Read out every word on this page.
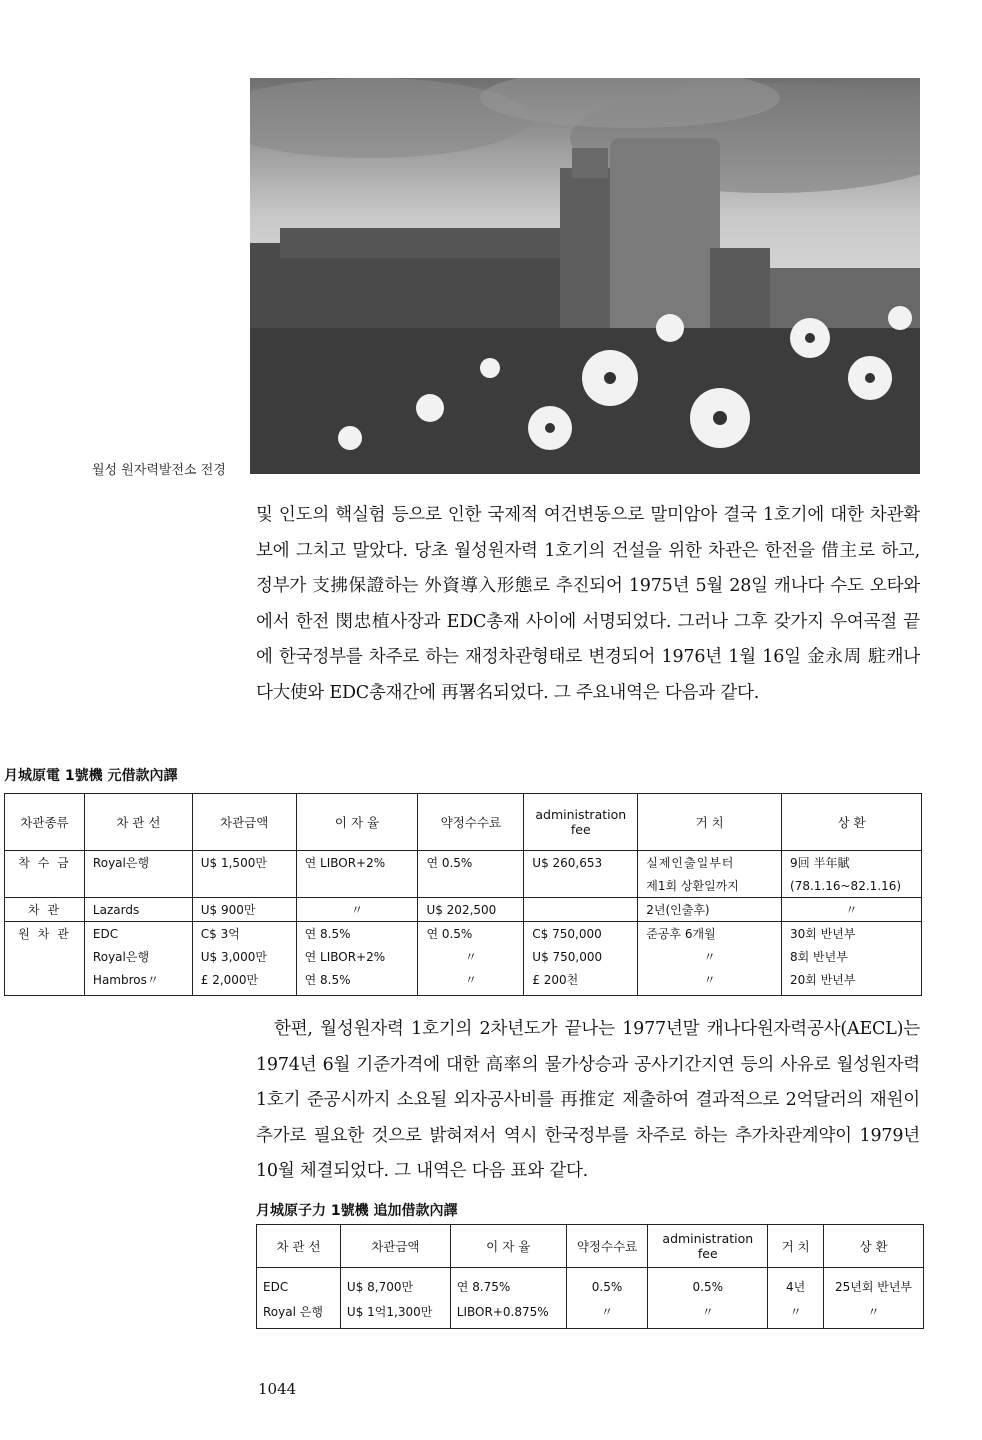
월성 원자력발전소 전경

및 인도의 핵실험 등으로 인한 국제적 여건변동으로 말미암아 결국 1호기에 대한 차관확보에 그치고 말았다. 당초 월성원자력 1호기의 건설을 위한 차관은 한전을 借主로 하고, 정부가 支拂保證하는 外資導入形態로 추진되어 1975년 5월 28일 캐나다 수도 오타와에서 한전 閔忠植사장과 EDC총재 사이에 서명되었다. 그러나 그후 갖가지 우여곡절 끝에 한국정부를 차주로 하는 재정차관형태로 변경되어 1976년 1월 16일 金永周 駐캐나다大使와 EDC총재간에 再署名되었다. 그 주요내역은 다음과 같다.

月城原電 1號機 元借款內譯
차관종류	차 관 선	차관금액	이 자 율	약정수수료	administration fee	거 치	상 환
착 수 금	Royal은행	U$ 1,500만	연 LIBOR+2%	연 0.5%	U$ 260,653	실제인출일부터	9回 半年賦
						제1회 상환일까지	(78.1.16~82.1.16)
차 관	Lazards	U$ 900만	〃	U$ 202,500		2년(인출후)	〃
원 차 관	EDC	C$ 3억	연 8.5%	연 0.5%	C$ 750,000	준공후 6개월	30회 반년부
	Royal은행	U$ 3,000만	연 LIBOR+2%	〃	U$ 750,000	〃	8회 반년부
	Hambros〃	£ 2,000만	연 8.5%	〃	£ 200천	〃	20회 반년부

한편, 월성원자력 1호기의 2차년도가 끝나는 1977년말 캐나다원자력공사(AECL)는 1974년 6월 기준가격에 대한 高率의 물가상승과 공사기간지연 등의 사유로 월성원자력 1호기 준공시까지 소요될 외자공사비를 再推定 제출하여 결과적으로 2억달러의 재원이 추가로 필요한 것으로 밝혀져서 역시 한국정부를 차주로 하는 추가차관계약이 1979년 10월 체결되었다. 그 내역은 다음 표와 같다.

月城原子力 1號機 追加借款內譯
차 관 선	차관금액	이 자 율	약정수수료	administration fee	거 치	상 환
EDC	U$ 8,700만	연 8.75%	0.5%	0.5%	4년	25년회 반년부
Royal 은행	U$ 1억1,300만	LIBOR+0.875%	〃	〃	〃	〃
1044
